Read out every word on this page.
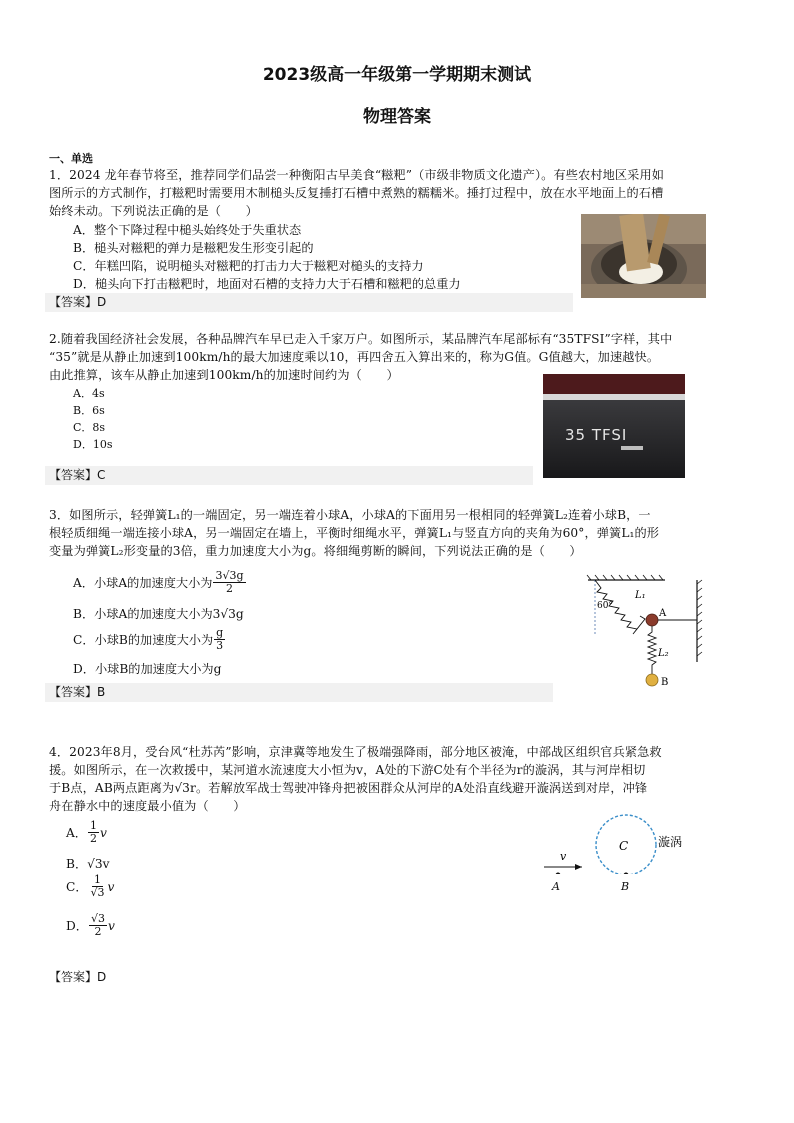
2023级高一年级第一学期期末测试
物理答案
一、单选
1．2024 龙年春节将至，推荐同学们品尝一种衡阳古早美食“糍粑”（市级非物质文化遗产）。有些农村地区采用如
图所示的方式制作，打糍粑时需要用木制槌头反复捶打石槽中煮熟的糯糯米。捶打过程中，放在水平地面上的石槽
始终未动。下列说法正确的是（　　）
A．整个下降过程中槌头始终处于失重状态
B．槌头对糍粑的弹力是糍粑发生形变引起的
C．年糕凹陷，说明槌头对糍粑的打击力大于糍粑对槌头的支持力
D．槌头向下打击糍粑时，地面对石槽的支持力大于石槽和糍粑的总重力
【答案】D
2.随着我国经济社会发展，各种品牌汽车早已走入千家万户。如图所示，某品牌汽车尾部标有“35TFSI”字样，其中
“35”就是从静止加速到100km/h的最大加速度乘以10，再四舍五入算出来的，称为G值。G值越大，加速越快。
由此推算，该车从静止加速到100km/h的加速时间约为（　　）
A．4s
B．6s
C．8s
D．10s
【答案】C
35 TFSI
3．如图所示，轻弹簧L₁的一端固定，另一端连着小球A，小球A的下面用另一根相同的轻弹簧L₂连着小球B，一
根轻质细绳一端连接小球A，另一端固定在墙上，平衡时细绳水平，弹簧L₁与竖直方向的夹角为60°，弹簧L₁的形
变量为弹簧L₂形变量的3倍，重力加速度大小为g。将细绳剪断的瞬间，下列说法正确的是（　　）
A．小球A的加速度大小为 $\frac{3√3g}{2}$
B．小球A的加速度大小为3√3g
C．小球B的加速度大小为 $\frac{g}{3}$
D．小球B的加速度大小为g
【答案】B
60°
L₁
A
L₂
B
4．2023年8月，受台风“杜苏芮”影响，京津冀等地发生了极端强降雨，部分地区被淹，中部战区组织官兵紧急救
援。如图所示，在一次救援中，某河道水流速度大小恒为v，A处的下游C处有个半径为r的漩涡，其与河岸相切
于B点，AB两点距离为√3r。若解放军战士驾驶冲锋舟把被困群众从河岸的A处沿直线避开漩涡送到对岸，冲锋
舟在静水中的速度最小值为（　　）
A． $\frac{1}{2}$ v
B．√3v
C． $\frac{1}{√3}$ v
D． $\frac{√3}{2}$ v
【答案】D
v
C 漩涡
A	B
